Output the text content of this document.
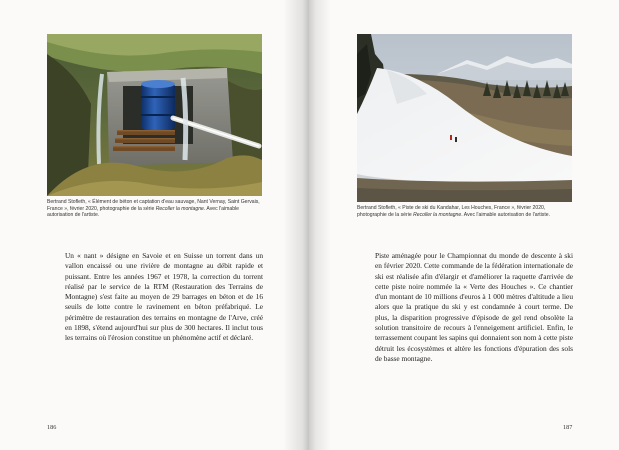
Bertrand Stofleth, « Élément de béton et captation d'eau sauvage, Nant Vernay, Saint Gervais, France », février 2020, photographie de la série Recoller la montagne. Avec l'aimable autorisation de l'artiste.
Un « nant » désigne en Savoie et en Suisse un torrent dans un vallon encaissé ou une rivière de montagne au débit rapide et puissant. Entre les années 1967 et 1978, la correction du torrent réalisé par le service de la RTM (Restauration des Terrains de Montagne) s'est faite au moyen de 29 barrages en béton et de 16 seuils de lotte contre le ravinement en béton préfabriqué. Le périmètre de restauration des terrains en montagne de l'Arve, créé en 1898, s'étend aujourd'hui sur plus de 300 hectares. Il inclut tous les terrains où l'érosion constitue un phénomène actif et déclaré.
186
Bertrand Stofleth, « Piste de ski du Kandahar, Les Houches, France », février 2020, photographie de la série Recoller la montagne. Avec l'aimable autorisation de l'artiste.
Piste aménagée pour le Championnat du monde de descente à ski en février 2020. Cette commande de la fédération internationale de ski est réalisée afin d'élargir et d'améliorer la raquette d'arrivée de cette piste noire nommée la « Verte des Houches ». Ce chantier d'un montant de 10 millions d'euros à 1 000 mètres d'altitude a lieu alors que la pratique du ski y est condamnée à court terme. De plus, la disparition progressive d'épisode de gel rend obsolète la solution transitoire de recours à l'enneigement artificiel. Enfin, le terrassement coupant les sapins qui donnaient son nom à cette piste détruit les écosystèmes et altère les fonctions d'épuration des sols de basse montagne.
187
